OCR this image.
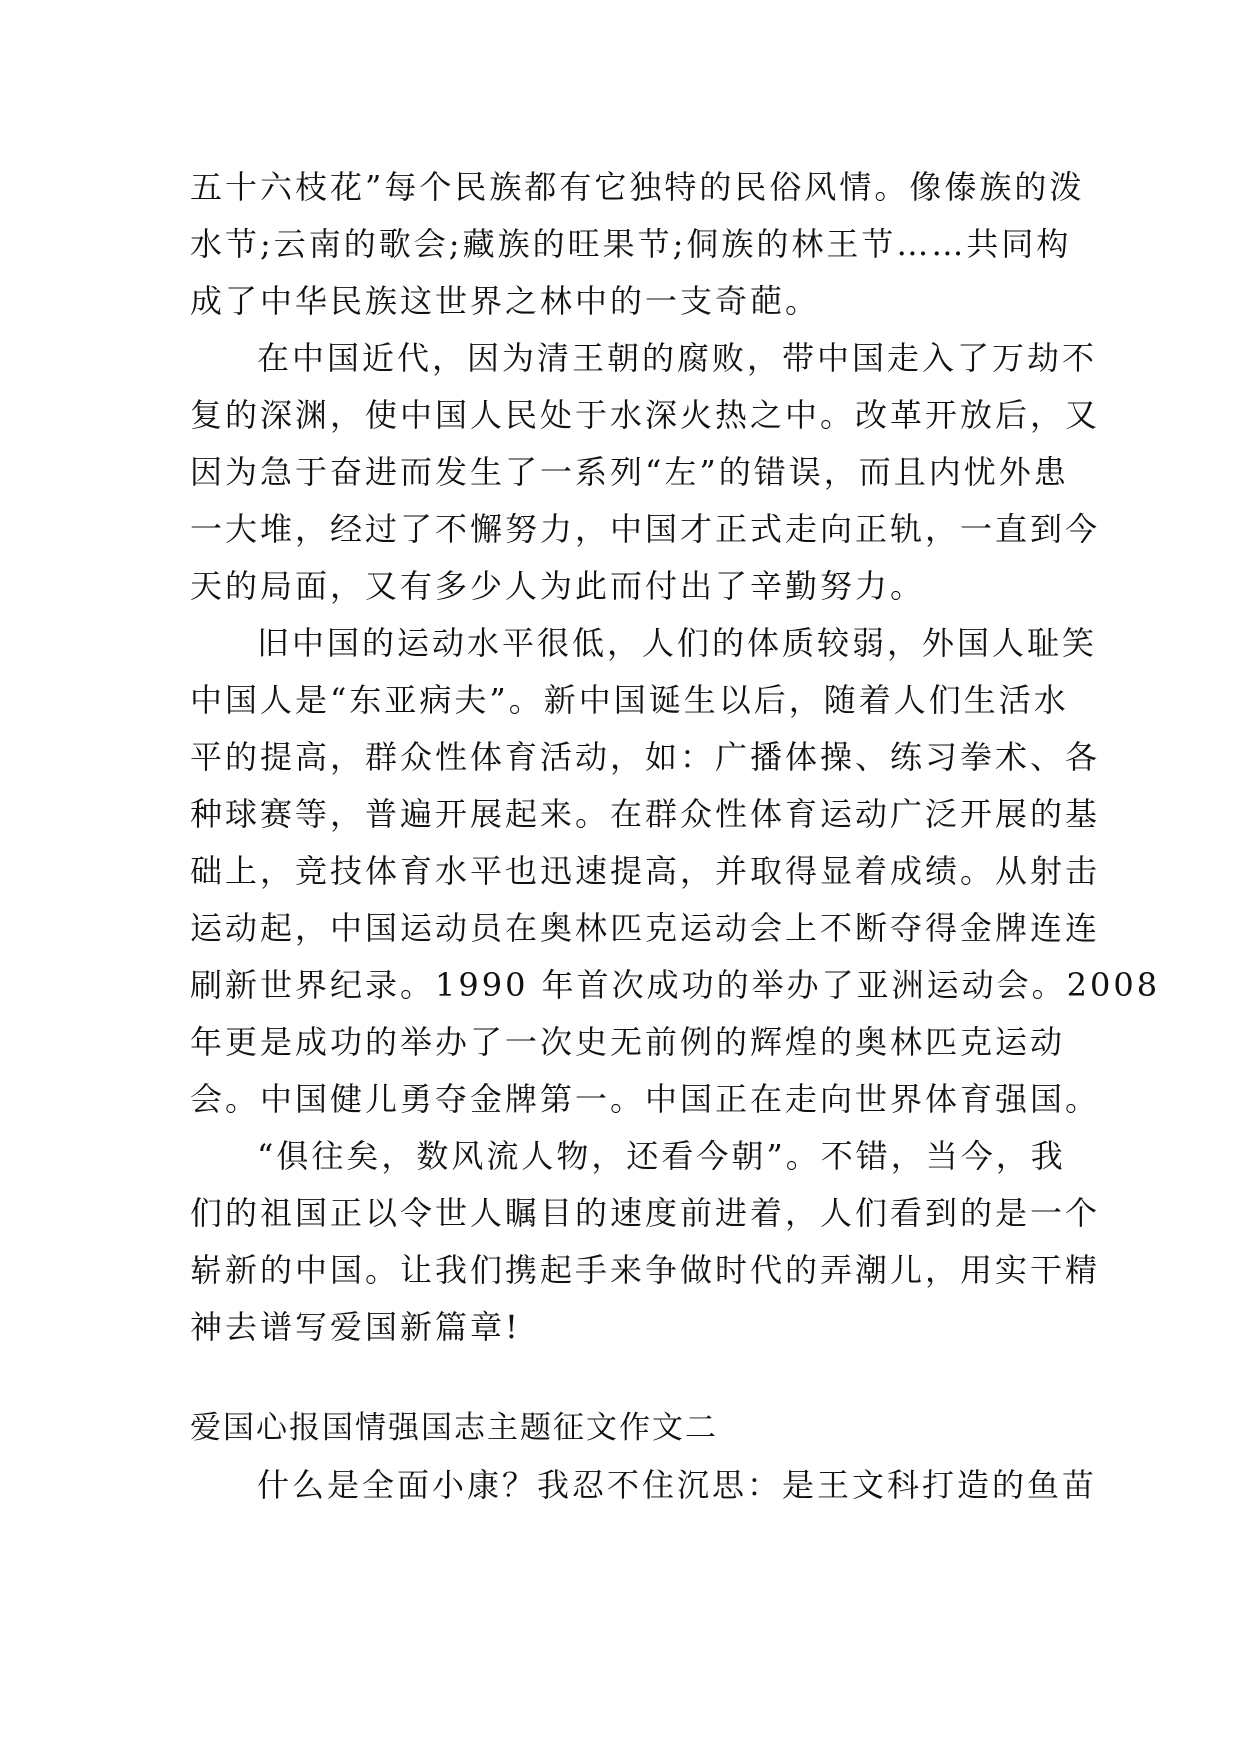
五十六枝花”每个民族都有它独特的民俗风情。像傣族的泼
水节;云南的歌会;藏族的旺果节;侗族的林王节……共同构
成了中华民族这世界之林中的一支奇葩。
在中国近代，因为清王朝的腐败，带中国走入了万劫不
复的深渊，使中国人民处于水深火热之中。改革开放后，又
因为急于奋进而发生了一系列“左”的错误，而且内忧外患
一大堆，经过了不懈努力，中国才正式走向正轨，一直到今
天的局面，又有多少人为此而付出了辛勤努力。
旧中国的运动水平很低，人们的体质较弱，外国人耻笑
中国人是“东亚病夫”。新中国诞生以后，随着人们生活水
平的提高，群众性体育活动，如：广播体操、练习拳术、各
种球赛等，普遍开展起来。在群众性体育运动广泛开展的基
础上，竞技体育水平也迅速提高，并取得显着成绩。从射击
运动起，中国运动员在奥林匹克运动会上不断夺得金牌连连
刷新世界纪录。1990 年首次成功的举办了亚洲运动会。2008
年更是成功的举办了一次史无前例的辉煌的奥林匹克运动
会。中国健儿勇夺金牌第一。中国正在走向世界体育强国。
“俱往矣，数风流人物，还看今朝”。不错，当今，我
们的祖国正以令世人瞩目的速度前进着，人们看到的是一个
崭新的中国。让我们携起手来争做时代的弄潮儿，用实干精
神去谱写爱国新篇章!
爱国心报国情强国志主题征文作文二
什么是全面小康？我忍不住沉思：是王文科打造的鱼苗
